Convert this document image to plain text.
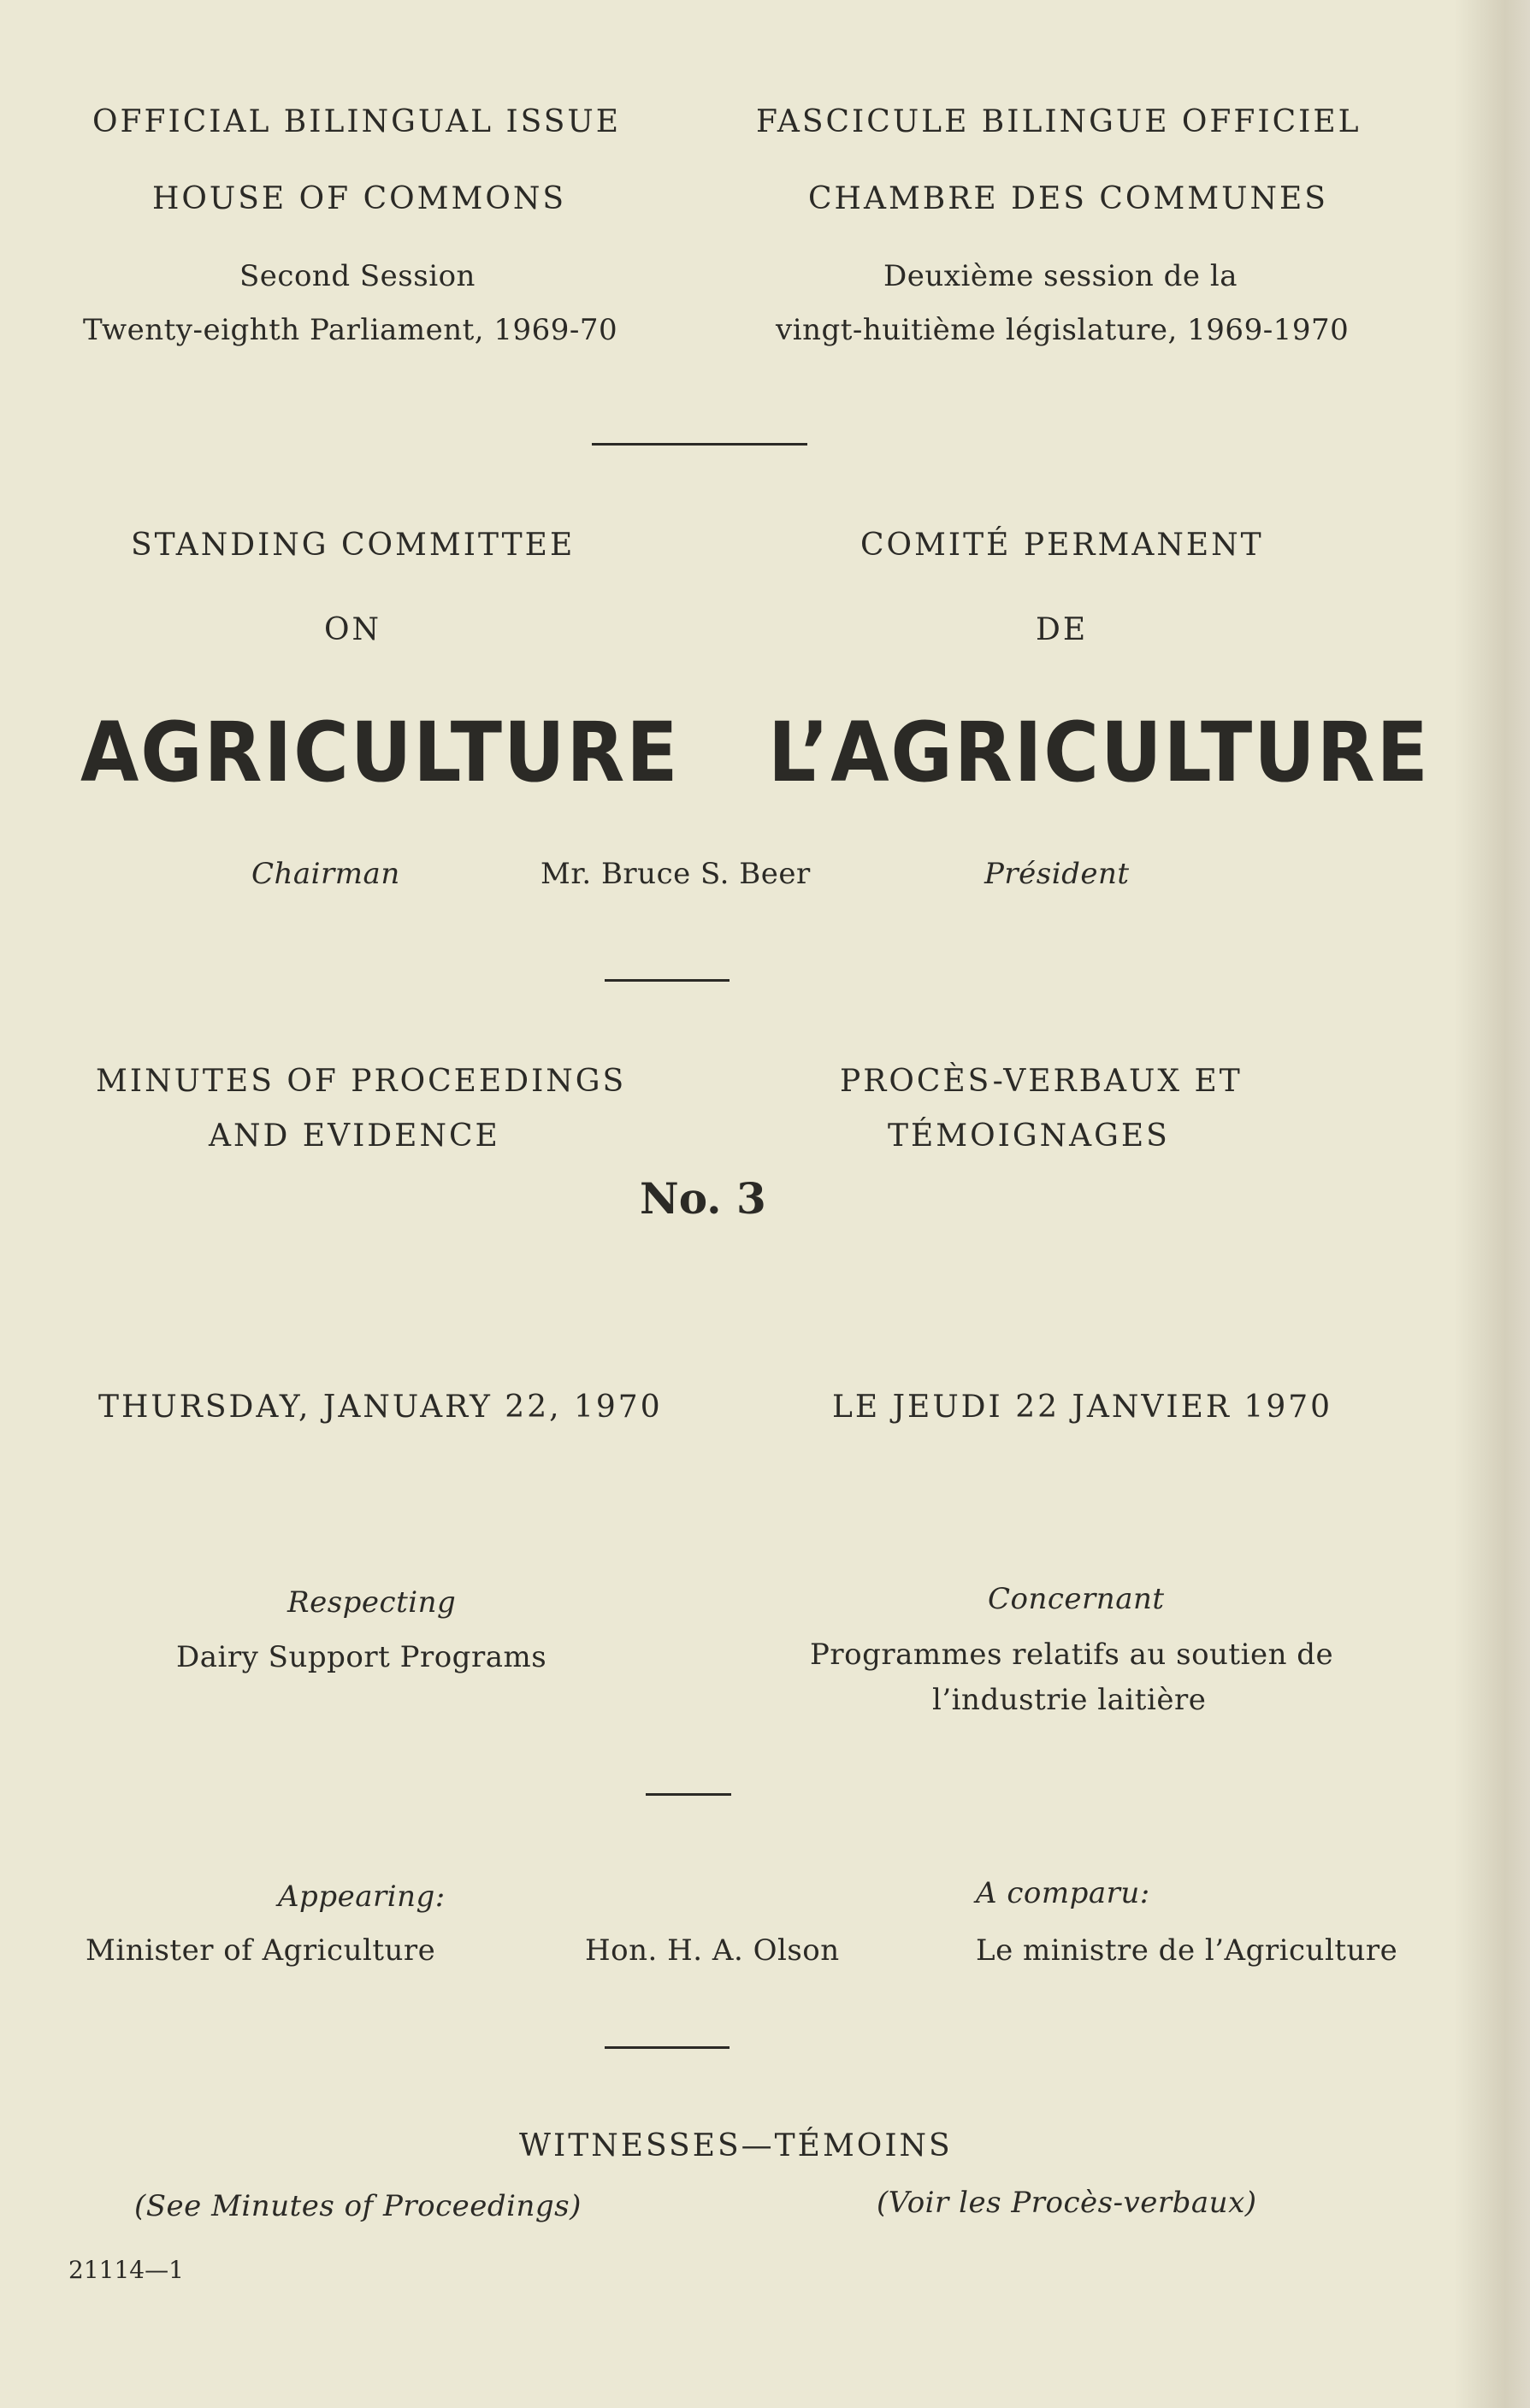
OFFICIAL BILINGUAL ISSUE	FASCICULE BILINGUE OFFICIEL
HOUSE OF COMMONS	CHAMBRE DES COMMUNES
Second Session	Deuxième session de la
Twenty-eighth Parliament, 1969-70	vingt-huitième législature, 1969-1970
STANDING COMMITTEE	COMITÉ PERMANENT
ON	DE
AGRICULTURE L’AGRICULTURE
Chairman	Mr. Bruce S. Beer	Président
MINUTES OF PROCEEDINGS
AND EVIDENCE
PROCÈS-VERBAUX ET
TÉMOIGNAGES
No. 3
THURSDAY, JANUARY 22, 1970	LE JEUDI 22 JANVIER 1970
Respecting	Concernant
Dairy Support Programs	Programmes relatifs au soutien de
l’industrie laitière
Appearing:	A comparu:
Minister of Agriculture	Hon. H. A. Olson	Le ministre de l’Agriculture
WITNESSES—TÉMOINS
(See Minutes of Proceedings)	(Voir les Procès-verbaux)
21114—1
